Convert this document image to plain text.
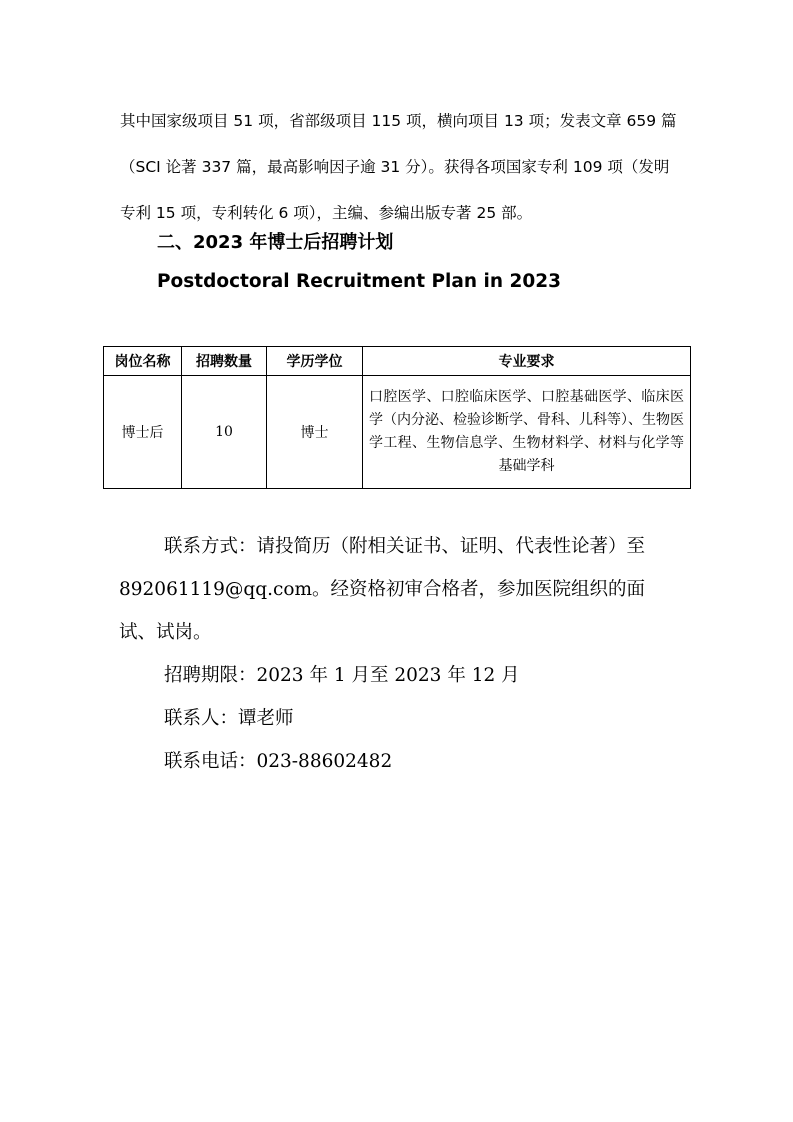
其中国家级项目 51 项，省部级项目 115 项，横向项目 13 项；发表文章 659 篇
（SCI 论著 337 篇，最高影响因子逾 31 分）。获得各项国家专利 109 项（发明
专利 15 项，专利转化 6 项），主编、参编出版专著 25 部。
二、2023 年博士后招聘计划
Postdoctoral Recruitment Plan in 2023
岗位名称	招聘数量	学历学位	专业要求
博士后	10	博士	口腔医学、口腔临床医学、口腔基础医学、临床医学（内分泌、检验诊断学、骨科、儿科等）、生物医学工程、生物信息学、生物材料学、材料与化学等基础学科

联系方式：请投简历（附相关证书、证明、代表性论著）至 892061119@qq.com。经资格初审合格者，参加医院组织的面试、试岗。

招聘期限：2023 年 1 月至 2023 年 12 月

联系人：谭老师

联系电话：023-88602482
